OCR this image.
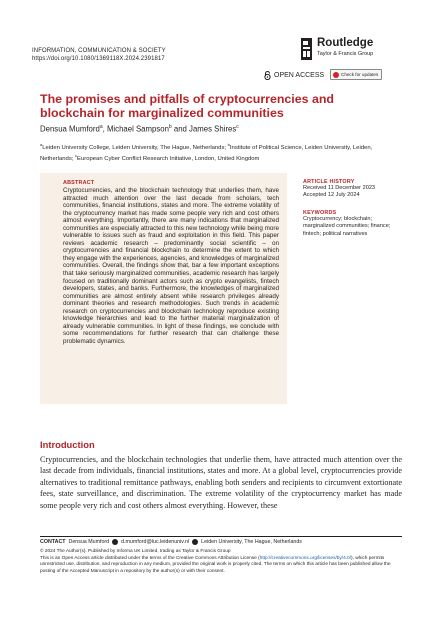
INFORMATION, COMMUNICATION & SOCIETY
https://doi.org/10.1080/1369118X.2024.2391817
Routledge
Taylor & Francis Group
OPEN ACCESS	Check for updates
The promises and pitfalls of cryptocurrencies and blockchain for marginalized communities
Densua Mumford$^a$, Michael Sampson$^b$ and James Shires$^c$
$^a$Leiden University College, Leiden University, The Hague, Netherlands; $^b$Institute of Political Science, Leiden University, Leiden, Netherlands; $^c$European Cyber Conflict Research Initiative, London, United Kingdom
ABSTRACT
Cryptocurrencies, and the blockchain technology that underlies them, have attracted much attention over the last decade from scholars, tech communities, financial institutions, states and more. The extreme volatility of the cryptocurrency market has made some people very rich and cost others almost everything. Importantly, there are many indications that marginalized communities are especially attracted to this new technology while being more vulnerable to issues such as fraud and exploitation in this field. This paper reviews academic research – predominantly social scientific – on cryptocurrencies and financial blockchain to determine the extent to which they engage with the experiences, agencies, and knowledges of marginalized communities. Overall, the findings show that, bar a few important exceptions that take seriously marginalized communities, academic research has largely focused on traditionally dominant actors such as crypto evangelists, fintech developers, states, and banks. Furthermore, the knowledges of marginalized communities are almost entirely absent while research privileges already dominant theories and research methodologies. Such trends in academic research on cryptocurrencies and blockchain technology reproduce existing knowledge hierarchies and lead to the further material marginalization of already vulnerable communities. In light of these findings, we conclude with some recommendations for further research that can challenge these problematic dynamics.
ARTICLE HISTORY
Received 11 December 2023
Accepted 12 July 2024
KEYWORDS
Cryptocurrency; blockchain; marginalized communities; finance; fintech; political narratives
Introduction
Cryptocurrencies, and the blockchain technologies that underlie them, have attracted much attention over the last decade from individuals, financial institutions, states and more. At a global level, cryptocurrencies provide alternatives to traditional remittance pathways, enabling both senders and recipients to circumvent extortionate fees, state surveillance, and discrimination. The extreme volatility of the cryptocurrency market has made some people very rich and cost others almost everything. However, these
CONTACT Densua Mumford d.mumford@luc.leidenuniv.nl Leiden University, The Hague, Netherlands
© 2024 The Author(s). Published by Informa UK Limited, trading as Taylor & Francis Group
This is an Open Access article distributed under the terms of the Creative Commons Attribution License (http://creativecommons.org/licenses/by/4.0/), which permits unrestricted use, distribution, and reproduction in any medium, provided the original work is properly cited. The terms on which this article has been published allow the posting of the Accepted Manuscript in a repository by the author(s) or with their consent.
